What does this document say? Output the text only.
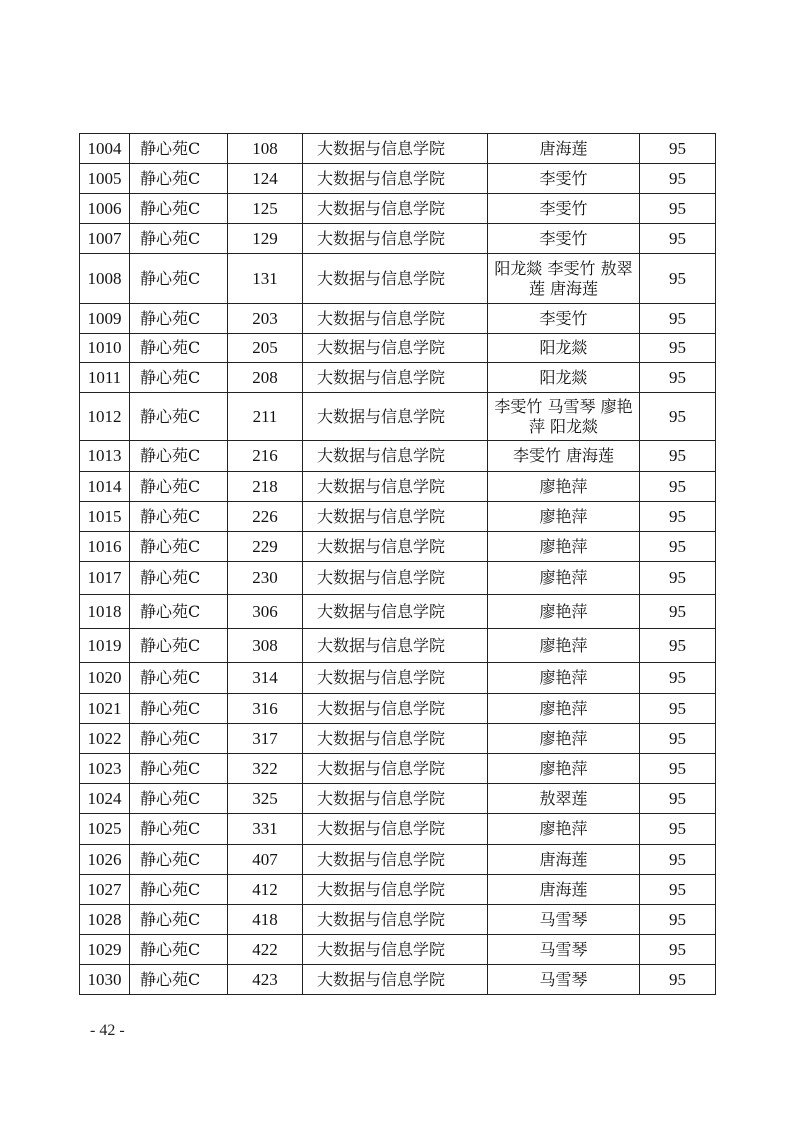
1004	静心苑C	108	大数据与信息学院	唐海莲	95
1005	静心苑C	124	大数据与信息学院	李雯竹	95
1006	静心苑C	125	大数据与信息学院	李雯竹	95
1007	静心苑C	129	大数据与信息学院	李雯竹	95
1008	静心苑C	131	大数据与信息学院	阳龙燚 李雯竹 敖翠莲 唐海莲	95
1009	静心苑C	203	大数据与信息学院	李雯竹	95
1010	静心苑C	205	大数据与信息学院	阳龙燚	95
1011	静心苑C	208	大数据与信息学院	阳龙燚	95
1012	静心苑C	211	大数据与信息学院	李雯竹 马雪琴 廖艳萍 阳龙燚	95
1013	静心苑C	216	大数据与信息学院	李雯竹 唐海莲	95
1014	静心苑C	218	大数据与信息学院	廖艳萍	95
1015	静心苑C	226	大数据与信息学院	廖艳萍	95
1016	静心苑C	229	大数据与信息学院	廖艳萍	95
1017	静心苑C	230	大数据与信息学院	廖艳萍	95
1018	静心苑C	306	大数据与信息学院	廖艳萍	95
1019	静心苑C	308	大数据与信息学院	廖艳萍	95
1020	静心苑C	314	大数据与信息学院	廖艳萍	95
1021	静心苑C	316	大数据与信息学院	廖艳萍	95
1022	静心苑C	317	大数据与信息学院	廖艳萍	95
1023	静心苑C	322	大数据与信息学院	廖艳萍	95
1024	静心苑C	325	大数据与信息学院	敖翠莲	95
1025	静心苑C	331	大数据与信息学院	廖艳萍	95
1026	静心苑C	407	大数据与信息学院	唐海莲	95
1027	静心苑C	412	大数据与信息学院	唐海莲	95
1028	静心苑C	418	大数据与信息学院	马雪琴	95
1029	静心苑C	422	大数据与信息学院	马雪琴	95
1030	静心苑C	423	大数据与信息学院	马雪琴	95
- 42 -
